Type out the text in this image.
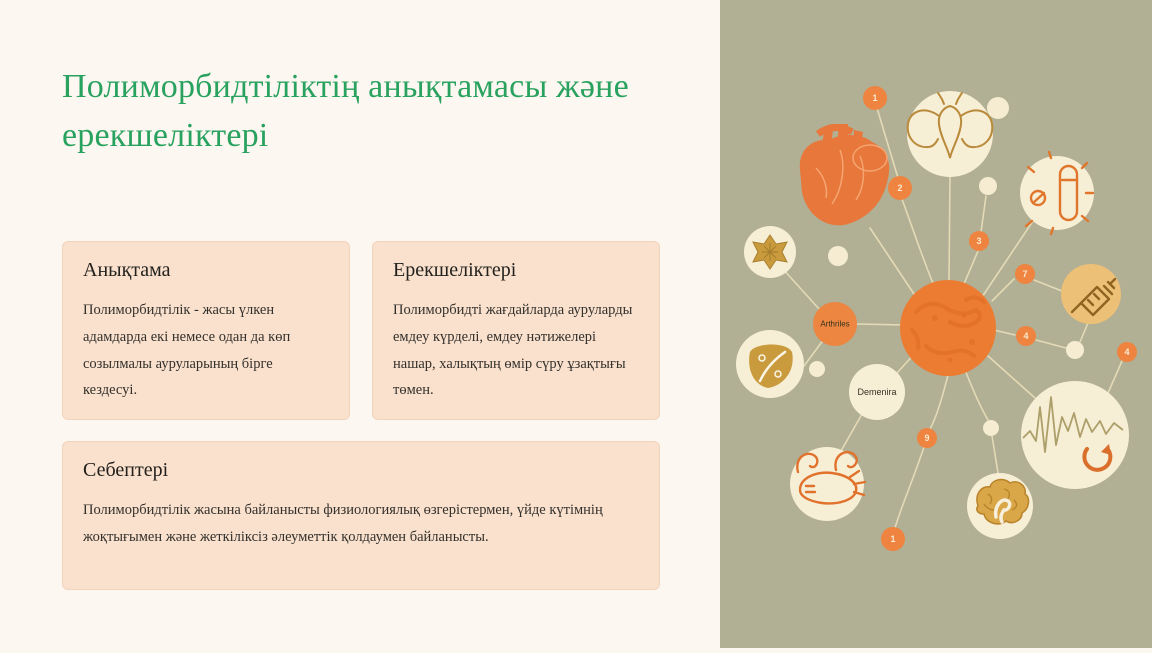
Полиморбидтіліктің анықтамасы және ерекшеліктері
Анықтама

Полиморбидтілік - жасы үлкен адамдарда екі немесе одан да көп созылмалы ауруларының бірге кездесуі.

Ерекшеліктері

Полиморбидті жағдайларда ауруларды емдеу күрделі, емдеу нәтижелері нашар, халықтың өмір сүру ұзақтығы төмен.

Себептері

Полиморбидтілік жасына байланысты физиологиялық өзгерістермен, үйде күтімнің жоқтығымен және жеткіліксіз әлеуметтік қолдаумен байланысты.

Arthriles
Demenira
1
2
3
7
4
4
9
1
